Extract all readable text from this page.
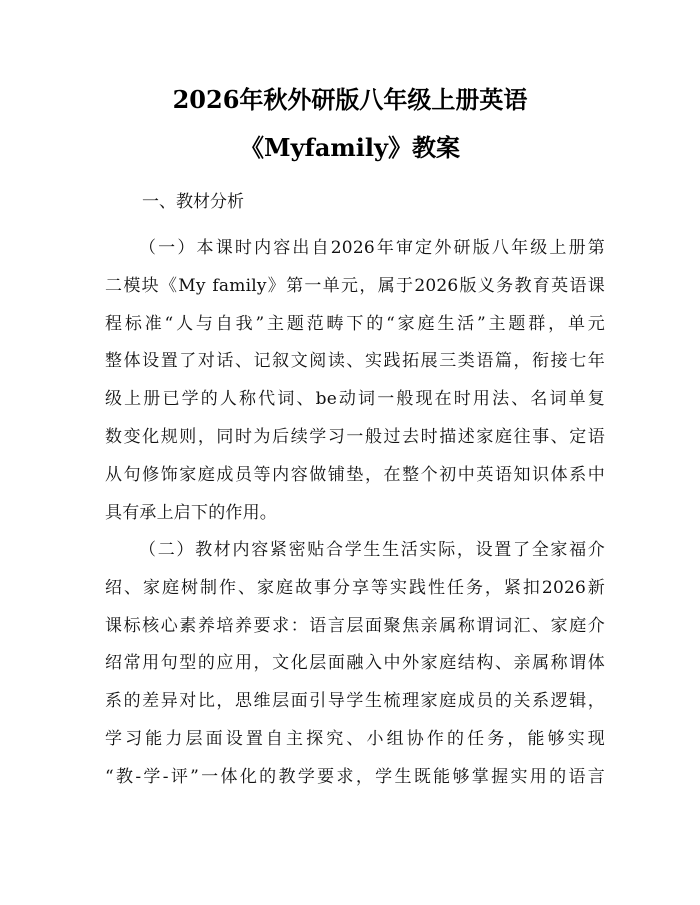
2026年秋外研版八年级上册英语
《Myfamily》教案
一、教材分析
（一）本课时内容出自2026年审定外研版八年级上册第
二模块《My family》第一单元，属于2026版义务教育英语课
程标准“人与自我”主题范畴下的“家庭生活”主题群，单元
整体设置了对话、记叙文阅读、实践拓展三类语篇，衔接七年
级上册已学的人称代词、be动词一般现在时用法、名词单复
数变化规则，同时为后续学习一般过去时描述家庭往事、定语
从句修饰家庭成员等内容做铺垫，在整个初中英语知识体系中
具有承上启下的作用。
（二）教材内容紧密贴合学生生活实际，设置了全家福介
绍、家庭树制作、家庭故事分享等实践性任务，紧扣2026新
课标核心素养培养要求：语言层面聚焦亲属称谓词汇、家庭介
绍常用句型的应用，文化层面融入中外家庭结构、亲属称谓体
系的差异对比，思维层面引导学生梳理家庭成员的关系逻辑，
学习能力层面设置自主探究、小组协作的任务，能够实现
“教-学-评”一体化的教学要求，学生既能够掌握实用的语言
